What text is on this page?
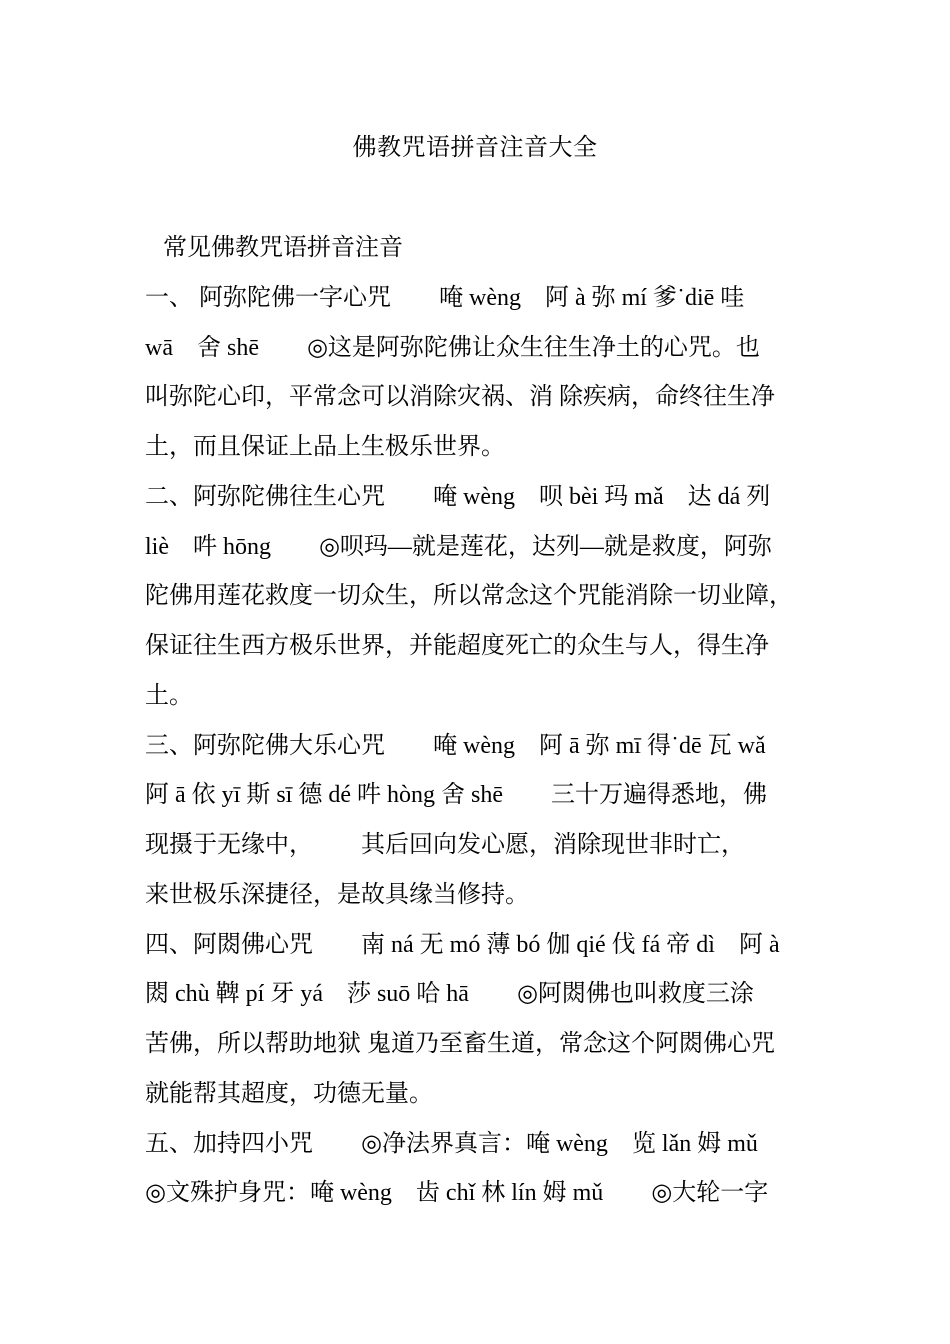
佛教咒语拼音注音大全
常见佛教咒语拼音注音
一、 阿弥陀佛一字心咒        唵 wèng    阿 à 弥 mí 爹˙diē 哇
wā    舍 shē        ◎这是阿弥陀佛让众生往生净土的心咒。也
叫弥陀心印，平常念可以消除灾祸、消 除疾病，命终往生净
土，而且保证上品上生极乐世界。
二、阿弥陀佛往生心咒        唵 wèng    呗 bèi 玛 mǎ    达 dá 列
liè    吽 hōng        ◎呗玛—就是莲花，达列—就是救度，阿弥
陀佛用莲花救度一切众生，所以常念这个咒能消除一切业障，
保证往生西方极乐世界，并能超度死亡的众生与人，得生净
土。
三、阿弥陀佛大乐心咒        唵 wèng    阿 ā 弥 mī 得˙dē 瓦 wǎ
阿 ā 依 yī 斯 sī 德 dé 吽 hòng 舍 shē        三十万遍得悉地，佛
现摄于无缘中，        其后回向发心愿，消除现世非时亡，
来世极乐深捷径，是故具缘当修持。
四、阿閦佛心咒        南 ná 无 mó 薄 bó 伽 qié 伐 fá 帝 dì    阿 à
閦 chù 鞞 pí 牙 yá    莎 suō 哈 hā        ◎阿閦佛也叫救度三涂
苦佛，所以帮助地狱 鬼道乃至畜生道，常念这个阿閦佛心咒
就能帮其超度，功德无量。
五、加持四小咒        ◎净法界真言：唵 wèng    览 lǎn 姆 mǔ
◎文殊护身咒：唵 wèng    齿 chǐ 林 lín 姆 mǔ        ◎大轮一字
